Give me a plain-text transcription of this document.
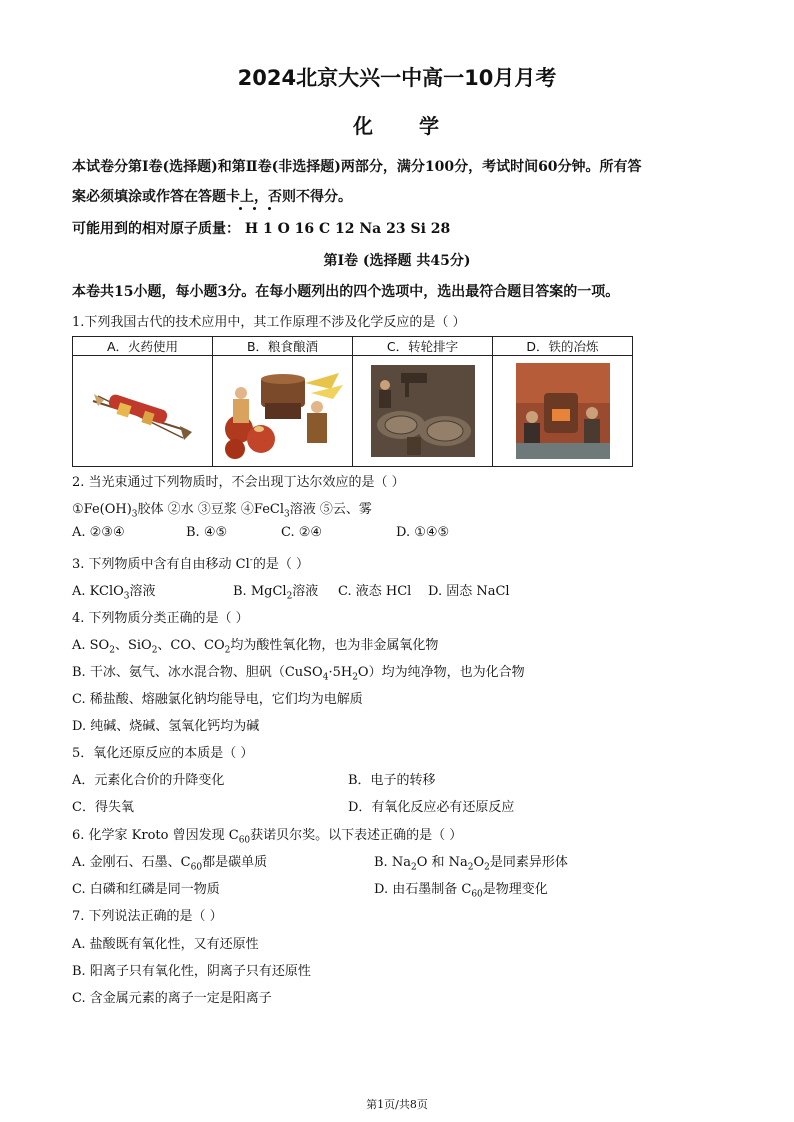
2024北京大兴一中高一10月月考
化　　学
本试卷分第Ⅰ卷(选择题)和第Ⅱ卷(非选择题)两部分，满分100分，考试时间60分钟。所有答
案必须填涂或作答在答题卡上，否则不得分。
可能用到的相对原子质量： H 1 O 16 C 12 Na 23 Si 28
第Ⅰ卷 (选择题 共45分)
本卷共15小题，每小题3分。在每小题列出的四个选项中，选出最符合题目答案的一项。
1.下列我国古代的技术应用中，其工作原理不涉及化学反应的是（ ）
A．火药使用	B．粮食酿酒	C．转轮排字	D．铁的冶炼

2. 当光束通过下列物质时，不会出现丁达尔效应的是（ ）
$①Fe(OH)_3$胶体 ②水 ③豆浆 ④FeCl$_3$溶液 ⑤云、雾
A. ②③④	B. ④⑤	C. ②④	D. ①④⑤
3. 下列物质中含有自由移动 Cl-的是（ ）
A. KClO$_3$溶液	B. MgCl$_2$溶液 C. 液态 HCl D. 固态 NaCl
4. 下列物质分类正确的是（ ）
A. $SO_2$、SiO$_2$、CO、$CO_2$均为酸性氧化物，也为非金属氧化物
B. 干冰、氨气、冰水混合物、胆矾$(CuSO_4\cdot 5H_2O)$均为纯净物，也为化合物
C. 稀盐酸、熔融氯化钠均能导电，它们均为电解质
D. 纯碱、烧碱、氢氧化钙均为碱
5．氧化还原反应的本质是（ ）
A．元素化合价的升降变化	B．电子的转移
C．得失氧	D．有氧化反应必有还原反应
6. 化学家 Kroto 曾因发现 $C_{60}$获诺贝尔奖。以下表述正确的是（ ）
A. 金刚石、石墨、$C_{60}$都是碳单质	B. $Na_2O$ 和 $Na_2O_2$是同素异形体
C. 白磷和红磷是同一物质	D. 由石墨制备 $C_{60}$是物理变化
7. 下列说法正确的是（ ）
A. 盐酸既有氧化性，又有还原性
B. 阳离子只有氧化性，阴离子只有还原性
C. 含金属元素的离子一定是阳离子
第1页/共8页
